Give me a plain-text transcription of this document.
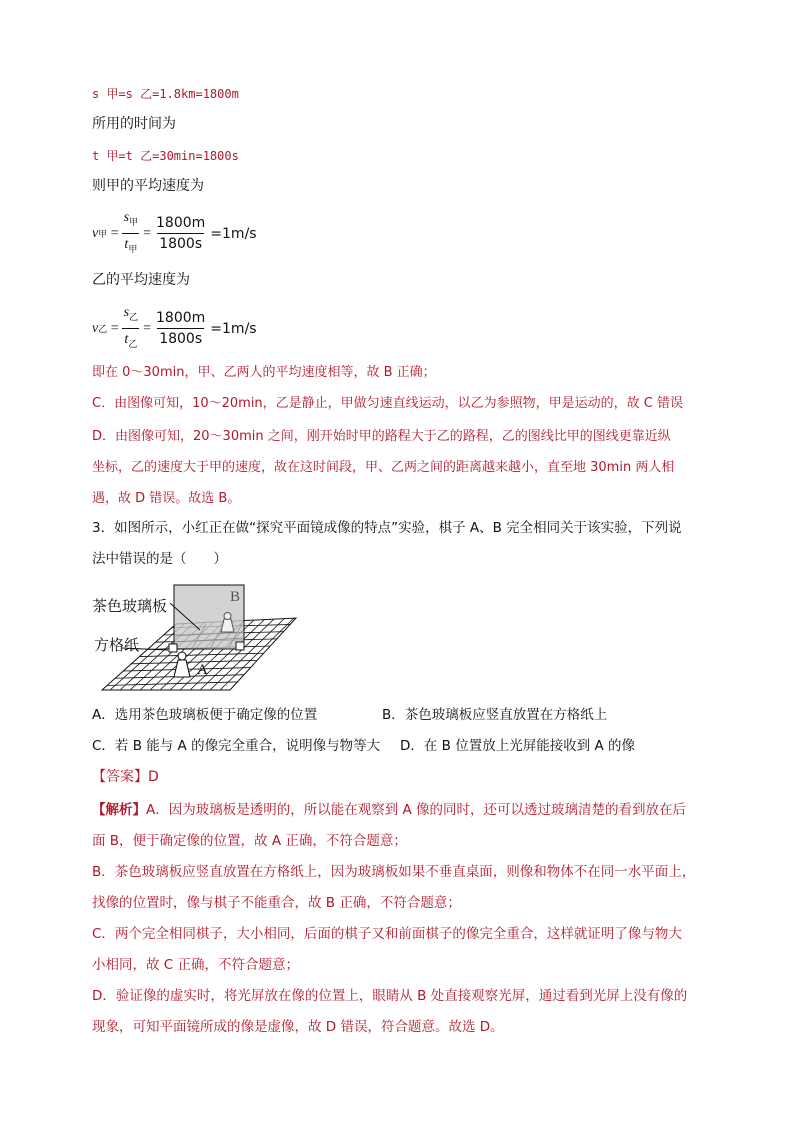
s 甲=s 乙=1.8km=1800m
所用的时间为
t 甲=t 乙=30min=1800s
则甲的平均速度为
v 甲 = $\frac{s_甲}{t_甲} = \frac{1800m}{1800s} =1m/s$
乙的平均速度为
v 乙 = $\frac{s_乙}{t_乙} = \frac{1800m}{1800s} =1m/s$
即在 0～30min，甲、乙两人的平均速度相等，故 B 正确；
C．由图像可知，10～20min，乙是静止，甲做匀速直线运动，以乙为参照物，甲是运动的，故 C 错误
D．由图像可知，20～30min 之间，刚开始时甲的路程大于乙的路程，乙的图线比甲的图线更靠近纵
坐标，乙的速度大于甲的速度，故在这时间段，甲、乙两之间的距离越来越小，直至地 30min 两人相
遇，故 D 错误。故选 B。
3．如图所示，小红正在做“探究平面镜成像的特点”实验，棋子 A、B 完全相同关于该实验，下列说
法中错误的是（　　）
茶色玻璃板
方格纸
B
A
A．选用茶色玻璃板便于确定像的位置	B．茶色玻璃板应竖直放置在方格纸上
C．若 B 能与 A 的像完全重合，说明像与物等大 D．在 B 位置放上光屏能接收到 A 的像
【答案】D
【解析】A．因为玻璃板是透明的，所以能在观察到 A 像的同时，还可以透过玻璃清楚的看到放在后
面 B，便于确定像的位置，故 A 正确，不符合题意；
B．茶色玻璃板应竖直放置在方格纸上，因为玻璃板如果不垂直桌面，则像和物体不在同一水平面上，
找像的位置时，像与棋子不能重合，故 B 正确，不符合题意；
C．两个完全相同棋子，大小相同，后面的棋子又和前面棋子的像完全重合，这样就证明了像与物大
小相同，故 C 正确，不符合题意；
D．验证像的虚实时，将光屏放在像的位置上，眼睛从 B 处直接观察光屏，通过看到光屏上没有像的
现象，可知平面镜所成的像是虚像，故 D 错误，符合题意。故选 D。
